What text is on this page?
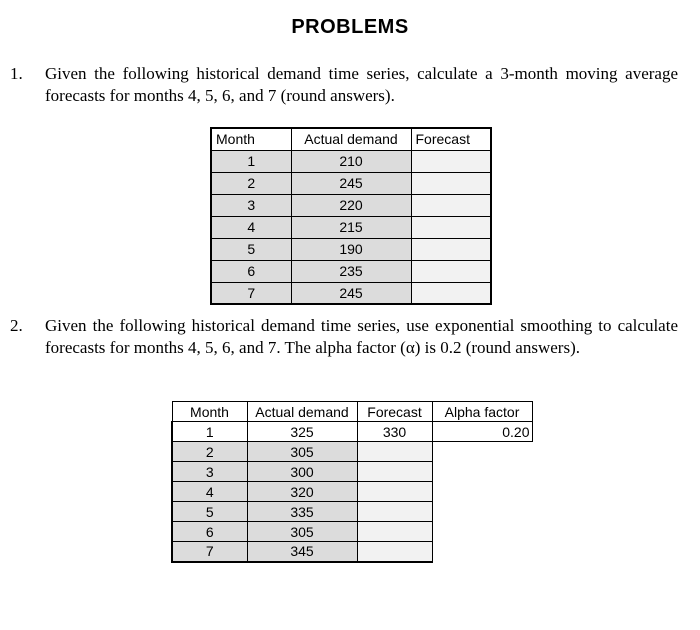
PROBLEMS
1. Given the following historical demand time series, calculate a 3-month moving average forecasts for months 4, 5, 6, and 7 (round answers).
Month	Actual demand	Forecast
1	210	
2	245	
3	220	
4	215	
5	190	
6	235	
7	245	
2. Given the following historical demand time series, use exponential smoothing to calculate forecasts for months 4, 5, 6, and 7. The alpha factor (α) is 0.2 (round answers).
Month	Actual demand	Forecast	Alpha factor
1	325	330	0.20
2	305		
3	300		
4	320		
5	335		
6	305		
7	345		
